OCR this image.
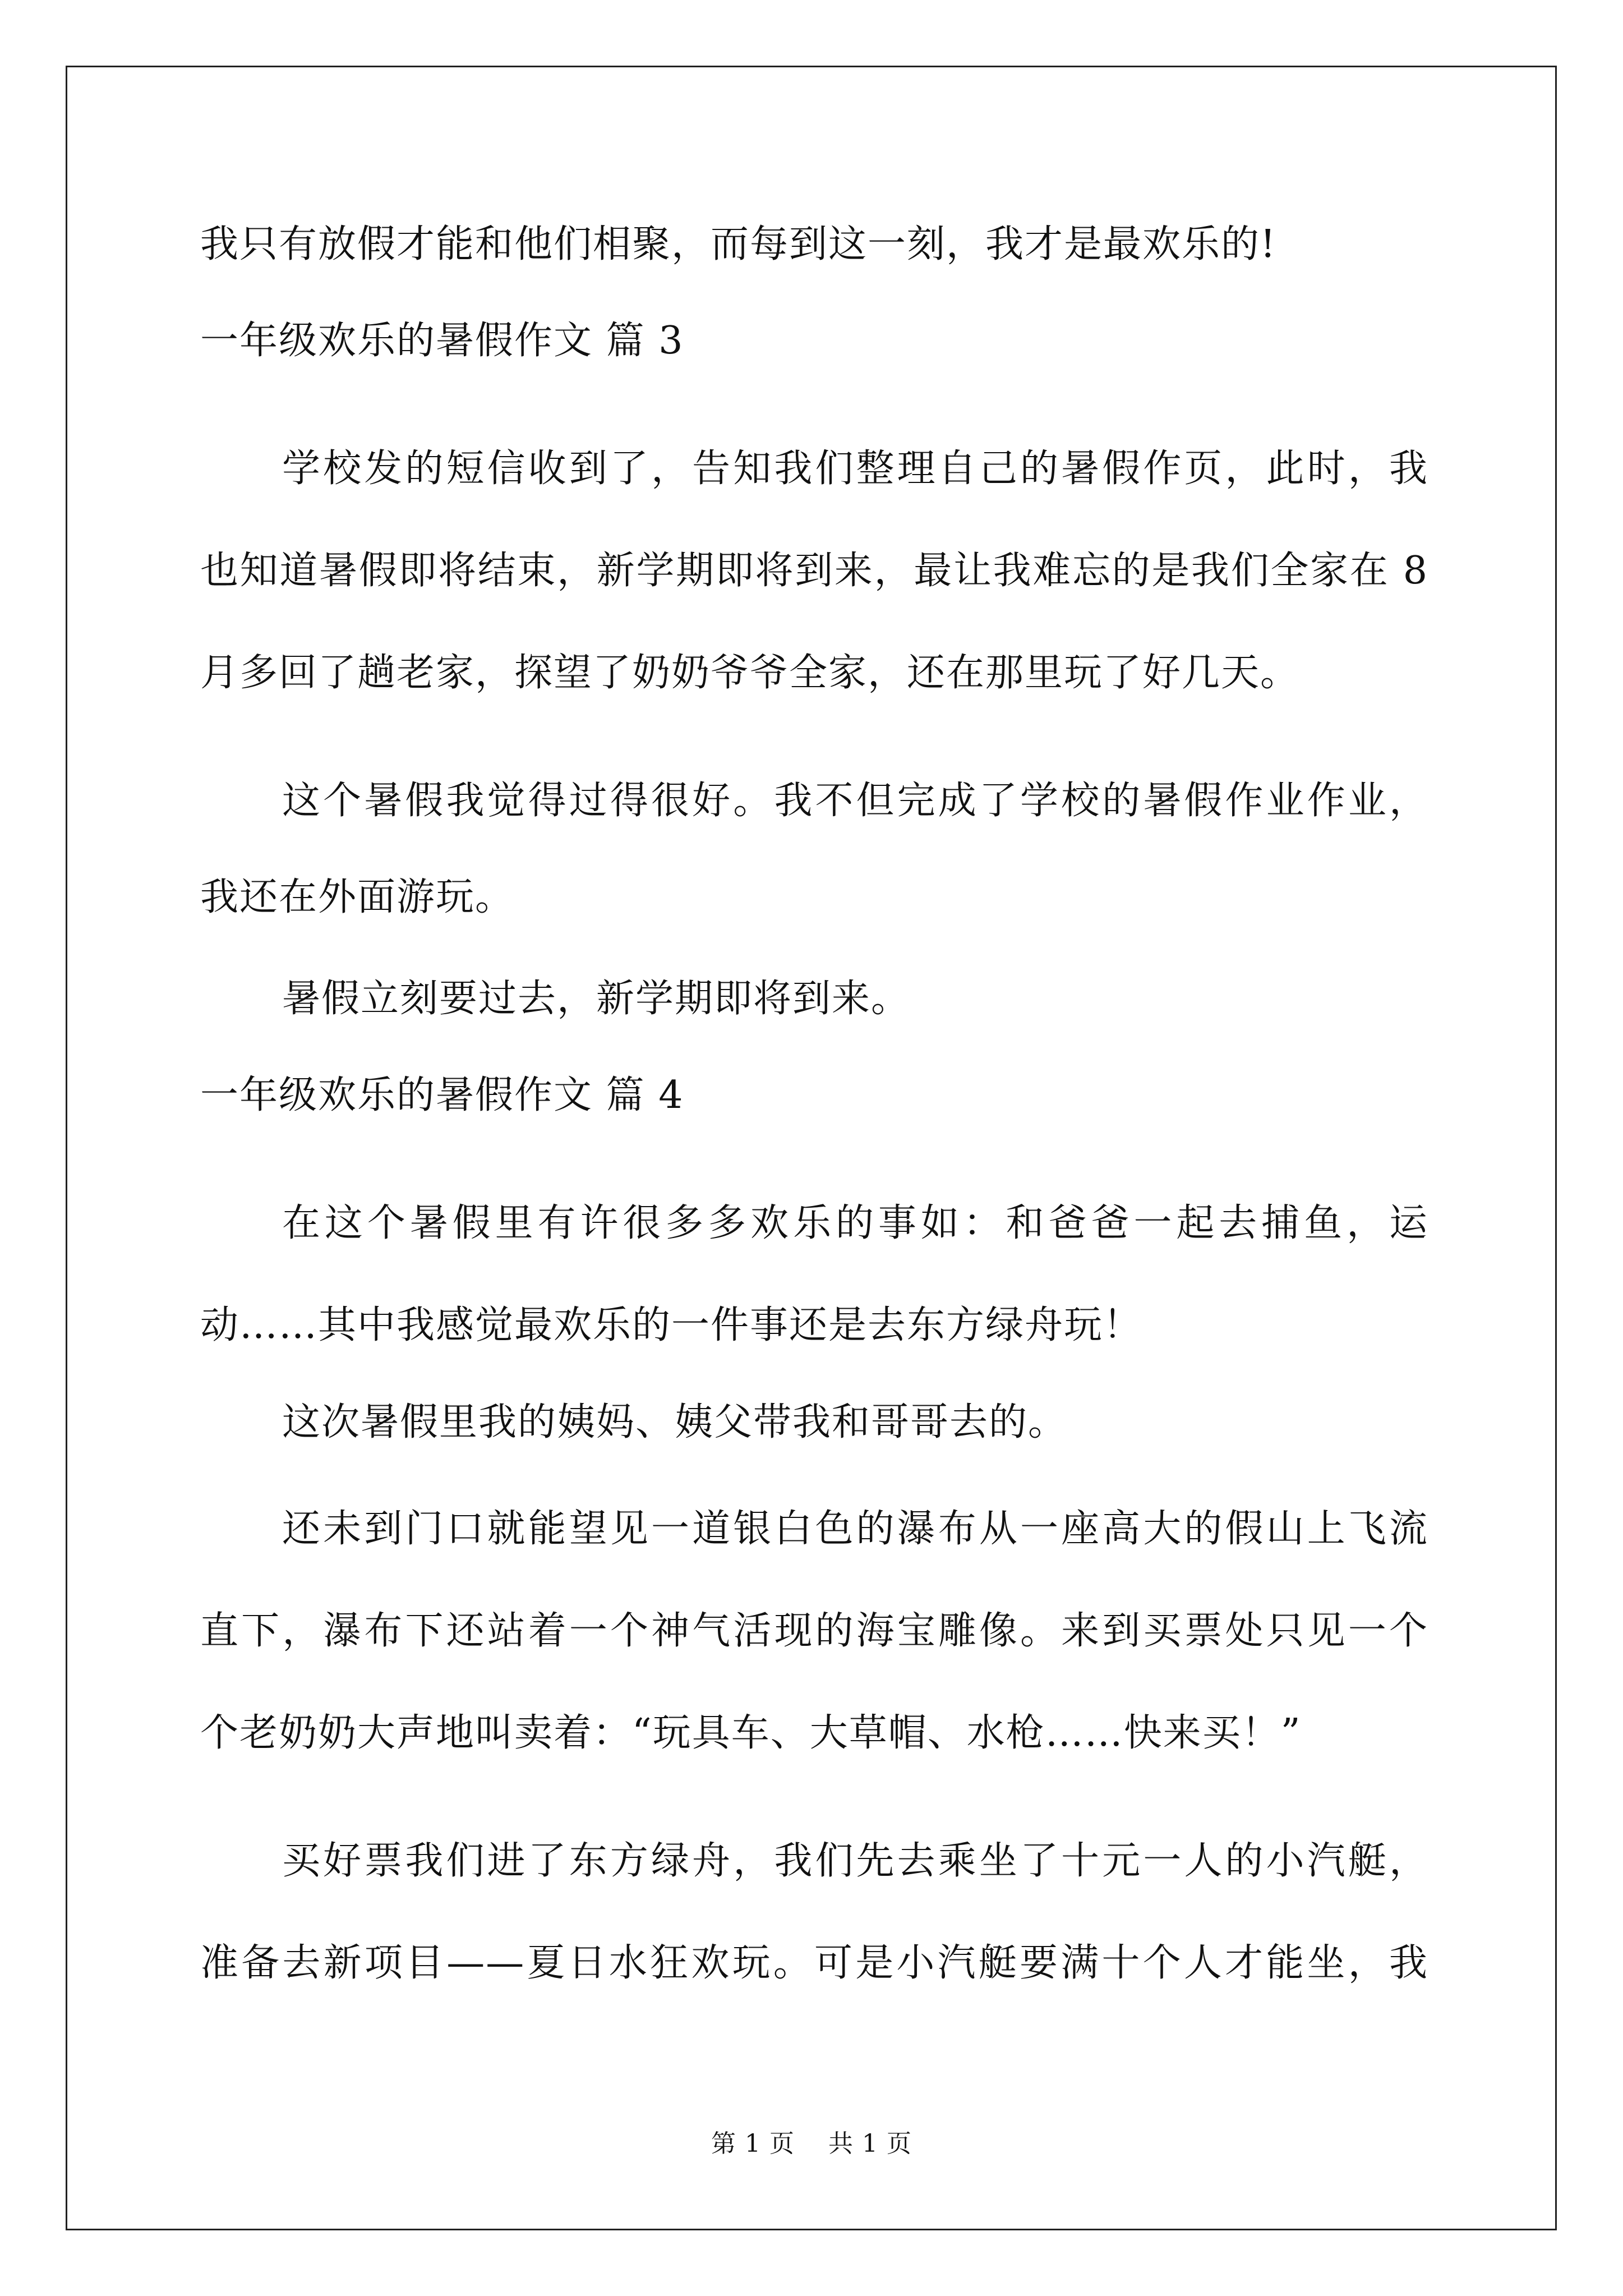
我只有放假才能和他们相聚，而每到这一刻，我才是最欢乐的!
一年级欢乐的暑假作文 篇 3
学校发的短信收到了，告知我们整理自己的暑假作页，此时，我
也知道暑假即将结束，新学期即将到来，最让我难忘的是我们全家在 8
月多回了趟老家，探望了奶奶爷爷全家，还在那里玩了好几天。
这个暑假我觉得过得很好。我不但完成了学校的暑假作业作业，
我还在外面游玩。
暑假立刻要过去，新学期即将到来。
一年级欢乐的暑假作文 篇 4
在这个暑假里有许很多多欢乐的事如：和爸爸一起去捕鱼，运
动……其中我感觉最欢乐的一件事还是去东方绿舟玩！
这次暑假里我的姨妈、姨父带我和哥哥去的。
还未到门口就能望见一道银白色的瀑布从一座高大的假山上飞流
直下，瀑布下还站着一个神气活现的海宝雕像。来到买票处只见一个
个老奶奶大声地叫卖着：“玩具车、大草帽、水枪……快来买！”
买好票我们进了东方绿舟，我们先去乘坐了十元一人的小汽艇，
准备去新项目——夏日水狂欢玩。可是小汽艇要满十个人才能坐，我
第 1 页 共 1 页
